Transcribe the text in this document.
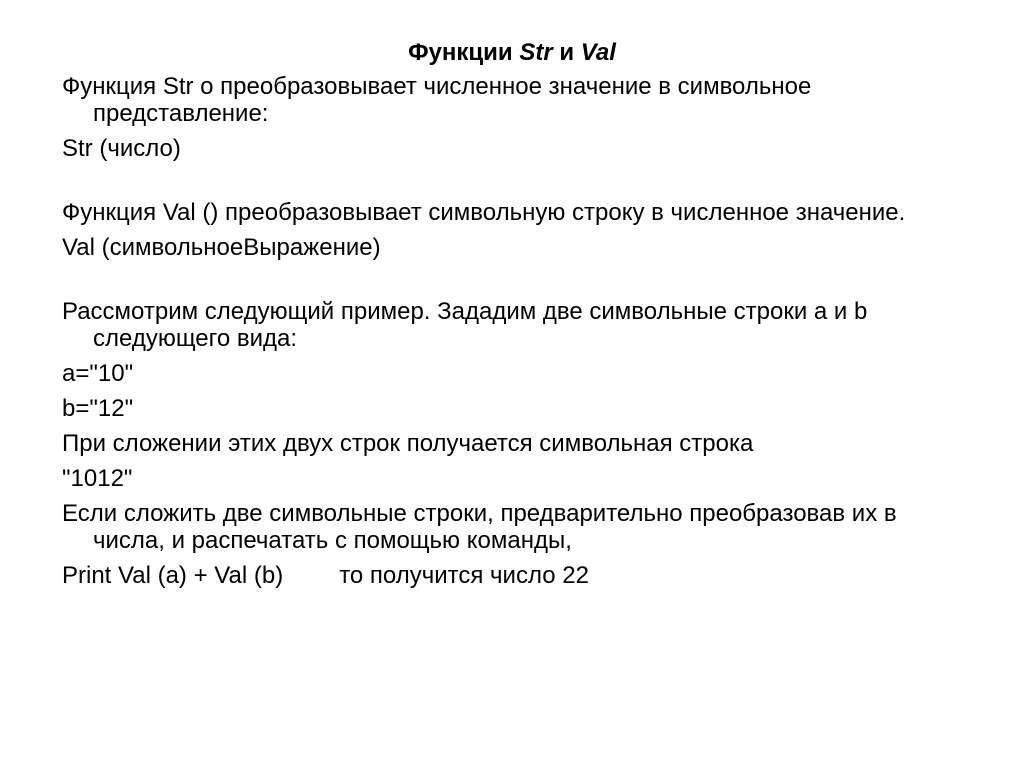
Функции Str и Val

Функция Str о преобразовывает численное значение в символьное представление:

Str (число)

Функция Val () преобразовывает символьную строку в численное значение.

Val (символьноеВыражение)

Рассмотрим следующий пример. Зададим две символьные строки а и b следующего вида:

a="10"

b="12"

При сложении этих двух строк получается символьная строка

"1012"

Если сложить две символьные строки, предварительно преобразовав их в числа, и распечатать с помощью команды,

Print Val (a) + Val (b) то получится число 22
